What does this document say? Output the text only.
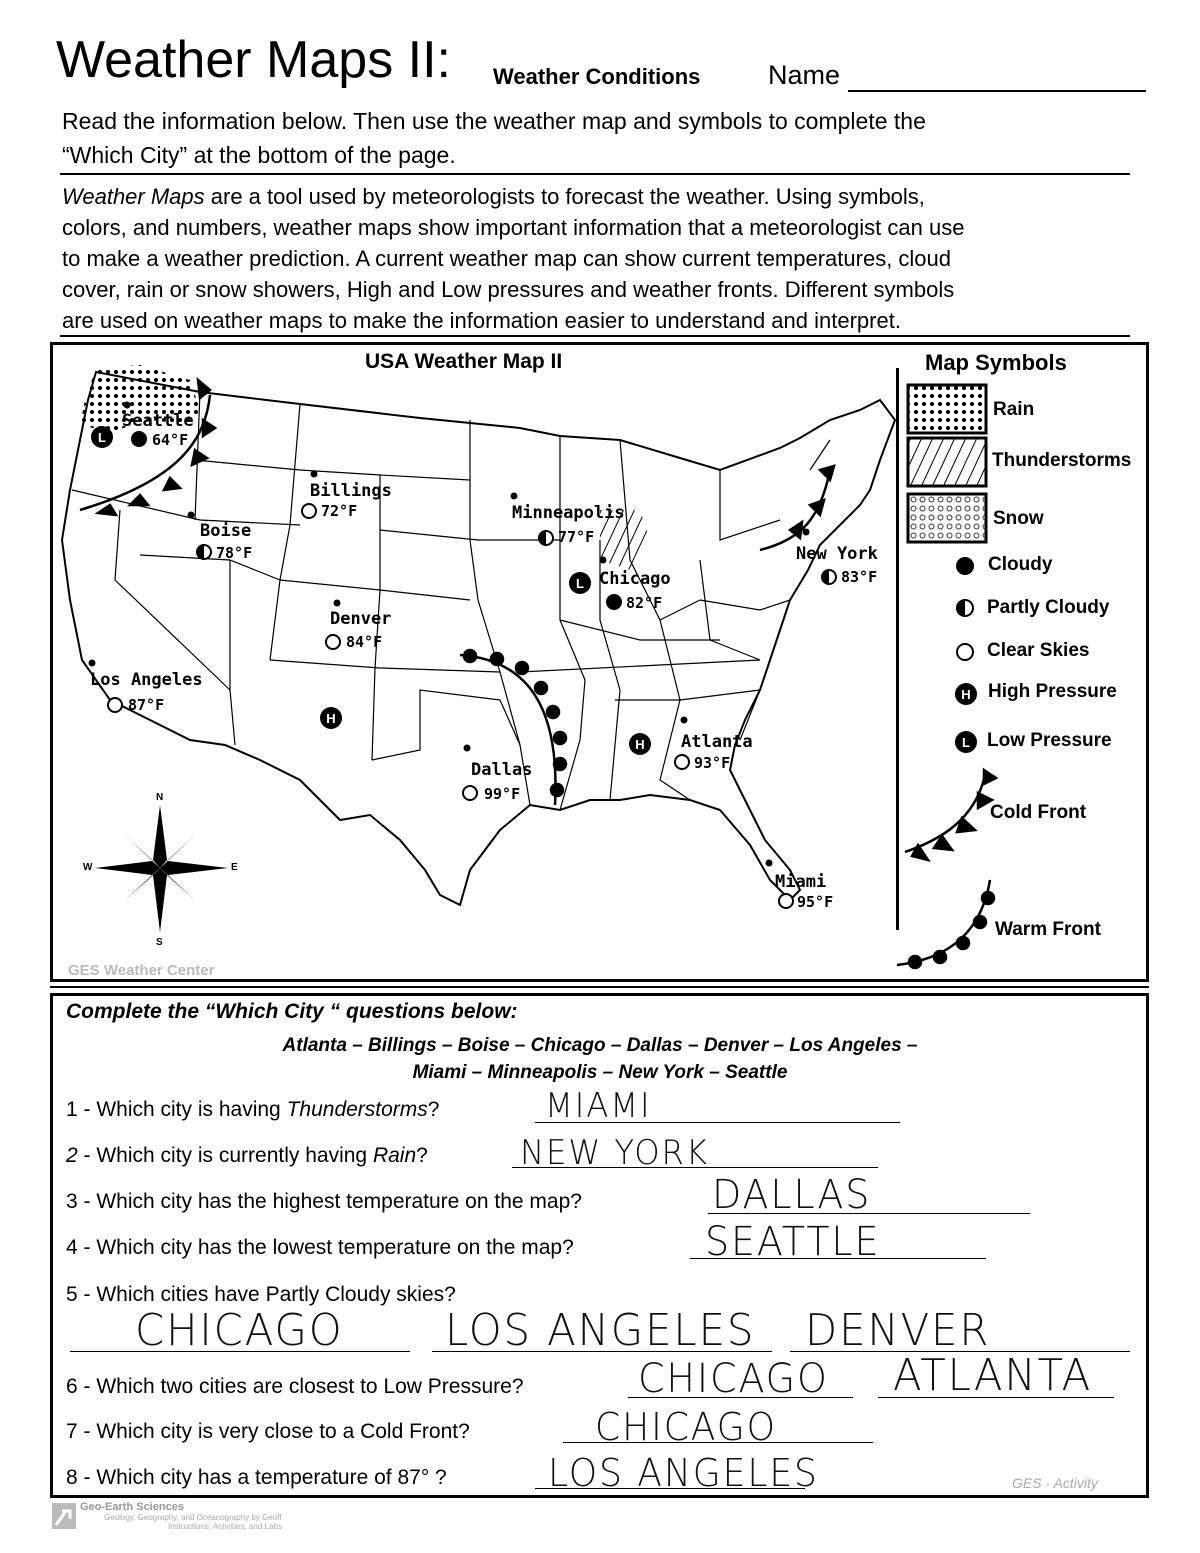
Weather Maps II: Weather Conditions	Name
Read the information below. Then use the weather map and symbols to complete the
“Which City” at the bottom of the page.
Weather Maps are a tool used by meteorologists to forecast the weather. Using symbols,
colors, and numbers, weather maps show important information that a meteorologist can use
to make a weather prediction. A current weather map can show current temperatures, cloud
cover, rain or snow showers, High and Low pressures and weather fronts. Different symbols
are used on weather maps to make the information easier to understand and interpret.
USA Weather Map II	Map Symbols
H
L
H
H
L
L
Seattle
64°F
Billings
72°F
Boise
78°F
Minneapolis
77°F
Chicago
82°F
New York
83°F
Denver
84°F
Los Angeles
87°F
Atlanta
93°F
Dallas
99°F
Miami
95°F
N
S
W	E
GES Weather Center
Rain
Thunderstorms
Snow
Cloudy
Partly Cloudy
Clear Skies
High Pressure
Low Pressure
Cold Front
Warm Front
Complete the “Which City “ questions below:
Atlanta – Billings – Boise – Chicago – Dallas – Denver – Los Angeles –
Miami – Minneapolis – New York – Seattle
1 - Which city is having Thunderstorms?	MIAMI
2 - Which city is currently having Rain?	NEW YORK
3 - Which city has the highest temperature on the map?	DALLAS
4 - Which city has the lowest temperature on the map?	SEATTLE
5 - Which cities have Partly Cloudy skies?
CHICAGO LOS ANGELES DENVER
6 - Which two cities are closest to Low Pressure?	CHICAGO ATLANTA
7 - Which city is very close to a Cold Front?	CHICAGO
8 - Which city has a temperature of 87° ?	LOS ANGELES	GES · Activity
Geo-Earth Sciences
Geology, Geography, and Oceanography by Geoff
Instructions, Activities, and Labs
